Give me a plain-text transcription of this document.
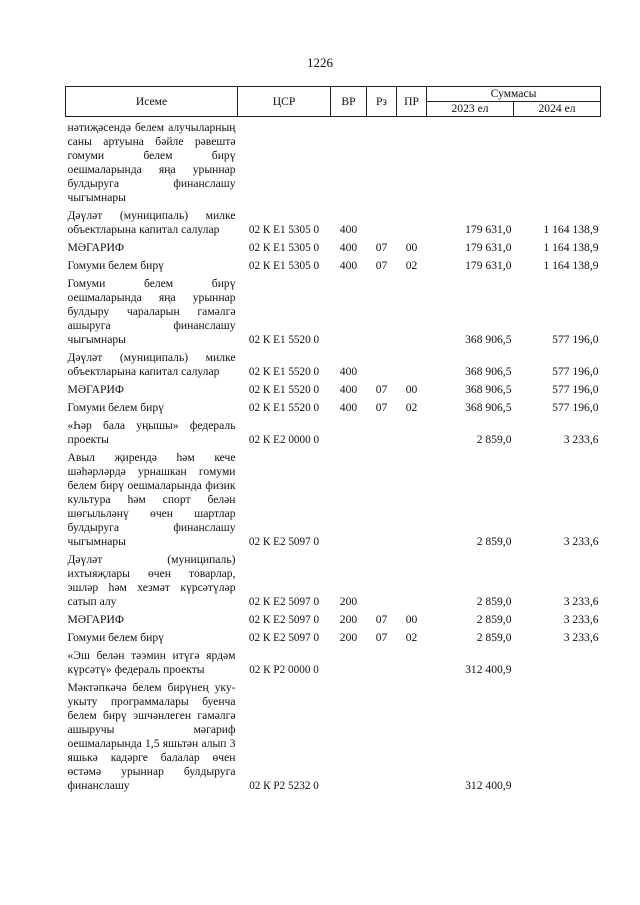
1226
Исеме	ЦСР	ВР	Рз	ПР	Суммасы	
					2023 ел	2024 ел
нәтиҗәсендә белем алучыларның саны артуына бәйле рәвештә гомуми белем бирү оешмаларында яңа урыннар булдыруга финанслашу чыгымнары						
Дәүләт (муниципаль) милке объектларына капитал салулар	02 К Е1 5305 0	400			179 631,0	1 164 138,9
МӘГАРИФ	02 К Е1 5305 0	400	07	00	179 631,0	1 164 138,9
Гомуми белем бирү	02 К Е1 5305 0	400	07	02	179 631,0	1 164 138,9
Гомуми белем бирү оешмаларында яңа урыннар булдыру чараларын гамәлгә ашыруга финанслашу чыгымнары	02 К Е1 5520 0				368 906,5	577 196,0
Дәүләт (муниципаль) милке объектларына капитал салулар	02 К Е1 5520 0	400			368 906,5	577 196,0
МӘГАРИФ	02 К Е1 5520 0	400	07	00	368 906,5	577 196,0
Гомуми белем бирү	02 К Е1 5520 0	400	07	02	368 906,5	577 196,0
«Һәр бала уңышы» федераль проекты	02 К Е2 0000 0				2 859,0	3 233,6
Авыл җирендә һәм кече шәһәрләрдә урнашкан гомуми белем бирү оешмаларында физик культура һәм спорт белән шөгыльләнү өчен шартлар булдыруга финанслашу чыгымнары	02 К Е2 5097 0				2 859,0	3 233,6
Дәүләт (муниципаль) ихтыяҗлары өчен товарлар, эшләр һәм хезмәт күрсәтүләр сатып алу	02 К Е2 5097 0	200			2 859,0	3 233,6
МӘГАРИФ	02 К Е2 5097 0	200	07	00	2 859,0	3 233,6
Гомуми белем бирү	02 К Е2 5097 0	200	07	02	2 859,0	3 233,6
«Эш белән тәэмин итүгә ярдәм күрсәтү» федераль проекты	02 К Р2 0000 0				312 400,9	
Мәктәпкәчә белем бирүнең уку-укыту программалары буенча белем бирү эшчәнлеген гамәлгә ашыручы мәгариф оешмаларында 1,5 яшьтән алып 3 яшькә кадәрге балалар өчен өстәмә урыннар булдыруга финанслашу	02 К Р2 5232 0				312 400,9	
